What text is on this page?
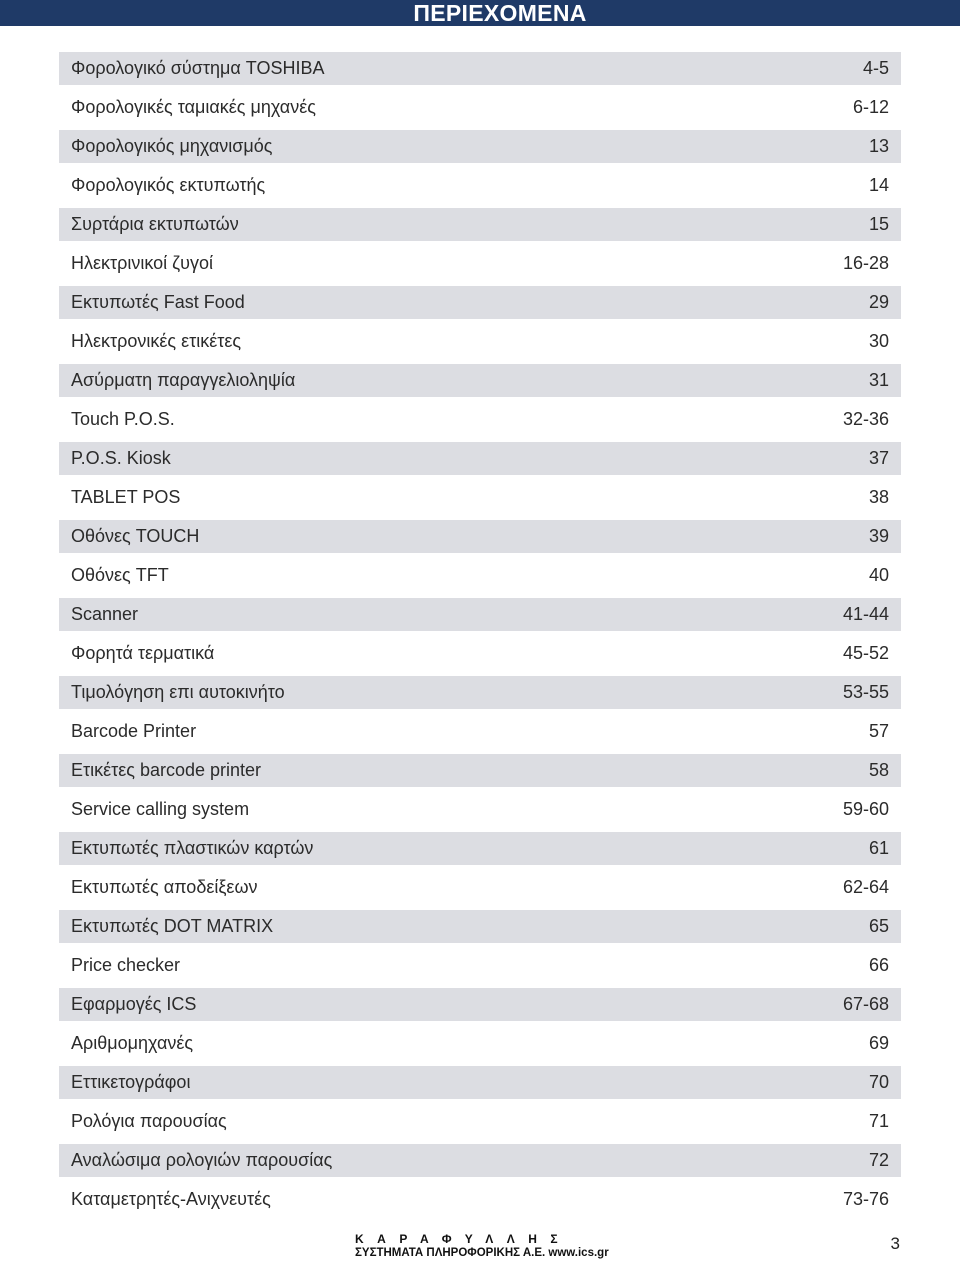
ΠΕΡΙΕΧΟΜΕΝΑ
Φορολογικό σύστημα TOSHIBA	4-5
Φορολογικές ταμιακές μηχανές	6-12
Φορολογικός μηχανισμός	13
Φορολογικός εκτυπωτής	14
Συρτάρια εκτυπωτών	15
Ηλεκτρινικοί ζυγοί	16-28
Εκτυπωτές Fast Food	29
Ηλεκτρονικές ετικέτες	30
Ασύρματη παραγγελιοληψία	31
Touch P.O.S.	32-36
P.O.S. Kiosk	37
TABLET POS	38
Οθόνες TOUCH	39
Οθόνες TFT	40
Scanner	41-44
Φορητά τερματικά	45-52
Τιμολόγηση επι αυτοκινήτο	53-55
Barcode Printer	57
Ετικέτες barcode printer	58
Service calling system	59-60
Εκτυπωτές πλαστικών καρτών	61
Εκτυπωτές αποδείξεων	62-64
Εκτυπωτές DOT MATRIX	65
Price checker	66
Εφαρμογές ICS	67-68
Αριθμομηχανές	69
Εττικετογράφοι	70
Ρολόγια παρουσίας	71
Αναλώσιμα ρολογιών παρουσίας	72
Καταμετρητές-Ανιχνευτές	73-76
ΚΑΡΑΦΥΛΛΗΣ
ΣΥΣΤΗΜΑΤΑ ΠΛΗΡΟΦΟΡΙΚΗΣ Α.Ε. www.ics.gr	3
